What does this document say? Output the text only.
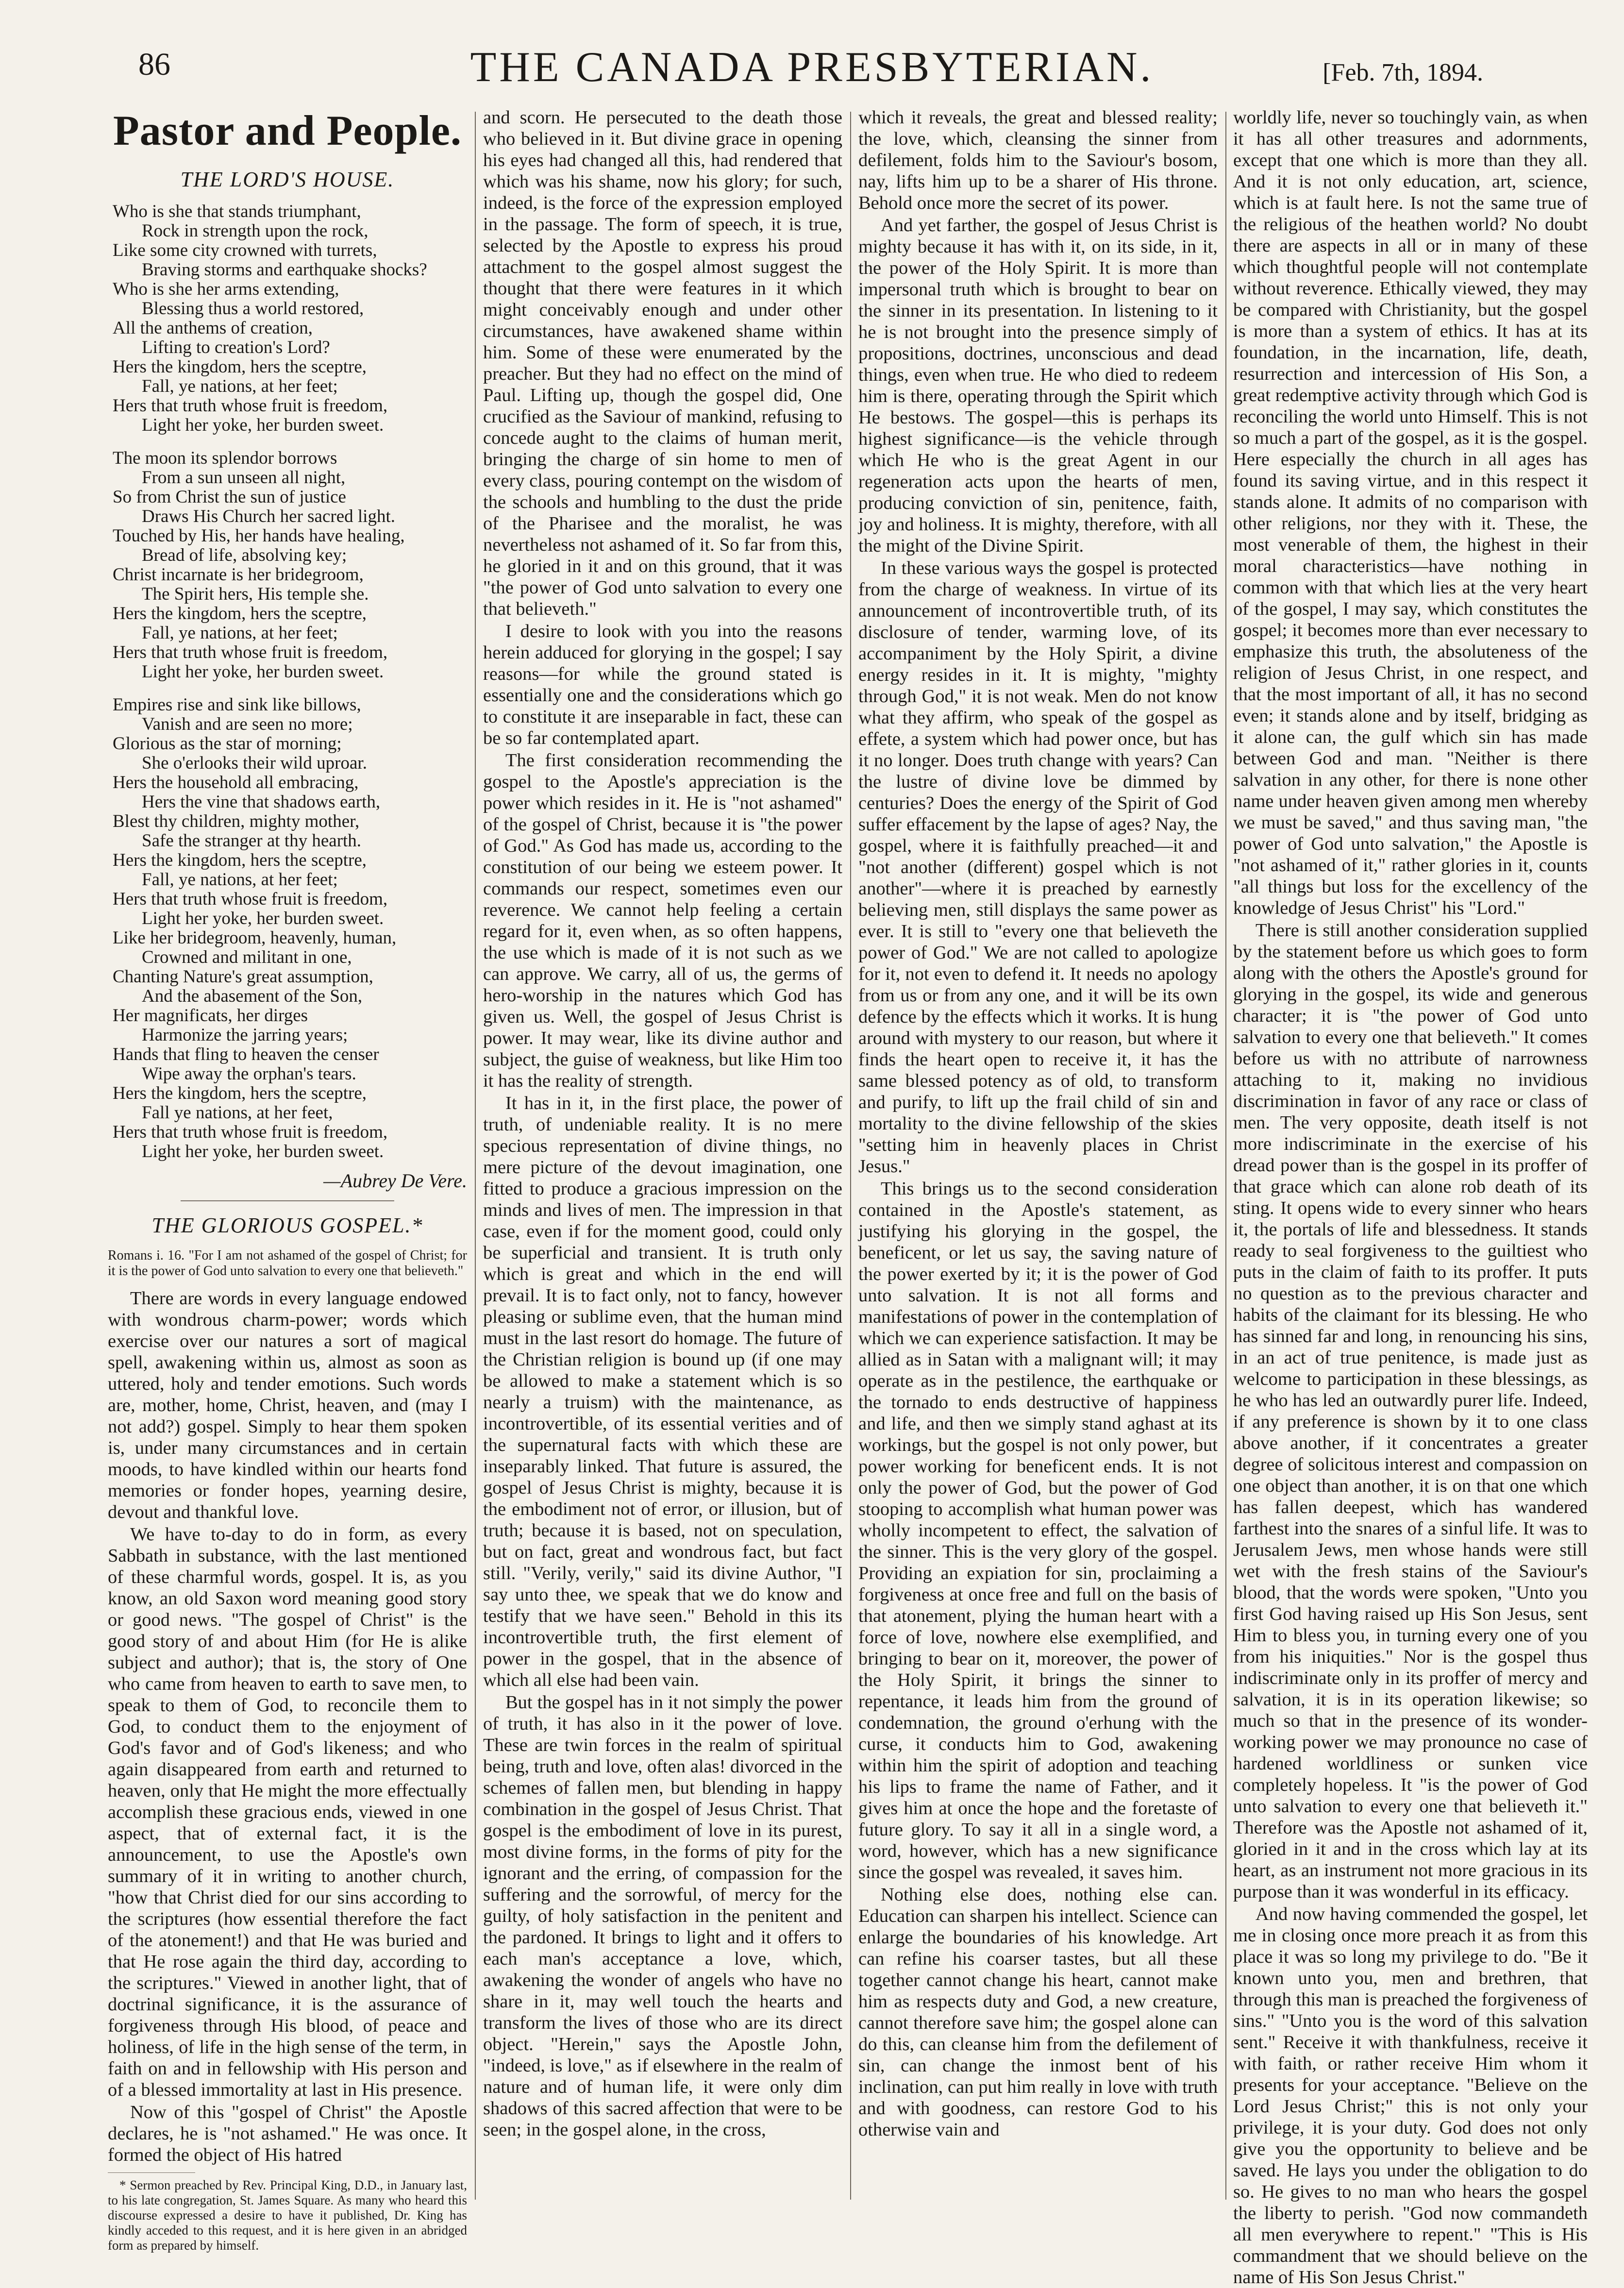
86	THE CANADA PRESBYTERIAN.	[Feb. 7th, 1894.
Pastor and People.
THE LORD'S HOUSE.
Who is she that stands triumphant,
Rock in strength upon the rock,
Like some city crowned with turrets,
Braving storms and earthquake shocks?
Who is she her arms extending,
Blessing thus a world restored,
All the anthems of creation,
Lifting to creation's Lord?
Hers the kingdom, hers the sceptre,
Fall, ye nations, at her feet;
Hers that truth whose fruit is freedom,
Light her yoke, her burden sweet.
The moon its splendor borrows
From a sun unseen all night,
So from Christ the sun of justice
Draws His Church her sacred light.
Touched by His, her hands have healing,
Bread of life, absolving key;
Christ incarnate is her bridegroom,
The Spirit hers, His temple she.
Hers the kingdom, hers the sceptre,
Fall, ye nations, at her feet;
Hers that truth whose fruit is freedom,
Light her yoke, her burden sweet.
Empires rise and sink like billows,
Vanish and are seen no more;
Glorious as the star of morning;
She o'erlooks their wild uproar.
Hers the household all embracing,
Hers the vine that shadows earth,
Blest thy children, mighty mother,
Safe the stranger at thy hearth.
Hers the kingdom, hers the sceptre,
Fall, ye nations, at her feet;
Hers that truth whose fruit is freedom,
Light her yoke, her burden sweet.
Like her bridegroom, heavenly, human,
Crowned and militant in one,
Chanting Nature's great assumption,
And the abasement of the Son,
Her magnificats, her dirges
Harmonize the jarring years;
Hands that fling to heaven the censer
Wipe away the orphan's tears.
Hers the kingdom, hers the sceptre,
Fall ye nations, at her feet,
Hers that truth whose fruit is freedom,
Light her yoke, her burden sweet.
—Aubrey De Vere.
THE GLORIOUS GOSPEL.*

Romans i. 16. "For I am not ashamed of the gospel of Christ; for it is the power of God unto salvation to every one that believeth."

There are words in every language endowed with wondrous charm-power; words which exercise over our natures a sort of magical spell, awakening within us, almost as soon as uttered, holy and tender emotions. Such words are, mother, home, Christ, heaven, and (may I not add?) gospel. Simply to hear them spoken is, under many circumstances and in certain moods, to have kindled within our hearts fond memories or fonder hopes, yearning desire, devout and thankful love.

We have to-day to do in form, as every Sabbath in substance, with the last mentioned of these charmful words, gospel. It is, as you know, an old Saxon word meaning good story or good news. "The gospel of Christ" is the good story of and about Him (for He is alike subject and author); that is, the story of One who came from heaven to earth to save men, to speak to them of God, to reconcile them to God, to conduct them to the enjoyment of God's favor and of God's likeness; and who again disappeared from earth and returned to heaven, only that He might the more effectually accomplish these gracious ends, viewed in one aspect, that of external fact, it is the announcement, to use the Apostle's own summary of it in writing to another church, "how that Christ died for our sins according to the scriptures (how essential therefore the fact of the atonement!) and that He was buried and that He rose again the third day, according to the scriptures." Viewed in another light, that of doctrinal significance, it is the assurance of forgiveness through His blood, of peace and holiness, of life in the high sense of the term, in faith on and in fellowship with His person and of a blessed immortality at last in His presence.

Now of this "gospel of Christ" the Apostle declares, he is "not ashamed." He was once. It formed the object of His hatred

* Sermon preached by Rev. Principal King, D.D., in January last, to his late congregation, St. James Square. As many who heard this discourse expressed a desire to have it published, Dr. King has kindly acceded to this request, and it is here given in an abridged form as prepared by himself.

and scorn. He persecuted to the death those who believed in it. But divine grace in opening his eyes had changed all this, had rendered that which was his shame, now his glory; for such, indeed, is the force of the expression employed in the passage. The form of speech, it is true, selected by the Apostle to express his proud attachment to the gospel almost suggest the thought that there were features in it which might conceivably enough and under other circumstances, have awakened shame within him. Some of these were enumerated by the preacher. But they had no effect on the mind of Paul. Lifting up, though the gospel did, One crucified as the Saviour of mankind, refusing to concede aught to the claims of human merit, bringing the charge of sin home to men of every class, pouring contempt on the wisdom of the schools and humbling to the dust the pride of the Pharisee and the moralist, he was nevertheless not ashamed of it. So far from this, he gloried in it and on this ground, that it was "the power of God unto salvation to every one that believeth."

I desire to look with you into the reasons herein adduced for glorying in the gospel; I say reasons—for while the ground stated is essentially one and the considerations which go to constitute it are inseparable in fact, these can be so far contemplated apart.

The first consideration recommending the gospel to the Apostle's appreciation is the power which resides in it. He is "not ashamed" of the gospel of Christ, because it is "the power of God." As God has made us, according to the constitution of our being we esteem power. It commands our respect, sometimes even our reverence. We cannot help feeling a certain regard for it, even when, as so often happens, the use which is made of it is not such as we can approve. We carry, all of us, the germs of hero-worship in the natures which God has given us. Well, the gospel of Jesus Christ is power. It may wear, like its divine author and subject, the guise of weakness, but like Him too it has the reality of strength.

It has in it, in the first place, the power of truth, of undeniable reality. It is no mere specious representation of divine things, no mere picture of the devout imagination, one fitted to produce a gracious impression on the minds and lives of men. The impression in that case, even if for the moment good, could only be superficial and transient. It is truth only which is great and which in the end will prevail. It is to fact only, not to fancy, however pleasing or sublime even, that the human mind must in the last resort do homage. The future of the Christian religion is bound up (if one may be allowed to make a statement which is so nearly a truism) with the maintenance, as incontrovertible, of its essential verities and of the supernatural facts with which these are inseparably linked. That future is assured, the gospel of Jesus Christ is mighty, because it is the embodiment not of error, or illusion, but of truth; because it is based, not on speculation, but on fact, great and wondrous fact, but fact still. "Verily, verily," said its divine Author, "I say unto thee, we speak that we do know and testify that we have seen." Behold in this its incontrovertible truth, the first element of power in the gospel, that in the absence of which all else had been vain.

But the gospel has in it not simply the power of truth, it has also in it the power of love. These are twin forces in the realm of spiritual being, truth and love, often alas! divorced in the schemes of fallen men, but blending in happy combination in the gospel of Jesus Christ. That gospel is the embodiment of love in its purest, most divine forms, in the forms of pity for the ignorant and the erring, of compassion for the suffering and the sorrowful, of mercy for the guilty, of holy satisfaction in the penitent and the pardoned. It brings to light and it offers to each man's acceptance a love, which, awakening the wonder of angels who have no share in it, may well touch the hearts and transform the lives of those who are its direct object. "Herein," says the Apostle John, "indeed, is love," as if elsewhere in the realm of nature and of human life, it were only dim shadows of this sacred affection that were to be seen; in the gospel alone, in the cross,

which it reveals, the great and blessed reality; the love, which, cleansing the sinner from defilement, folds him to the Saviour's bosom, nay, lifts him up to be a sharer of His throne. Behold once more the secret of its power.

And yet farther, the gospel of Jesus Christ is mighty because it has with it, on its side, in it, the power of the Holy Spirit. It is more than impersonal truth which is brought to bear on the sinner in its presentation. In listening to it he is not brought into the presence simply of propositions, doctrines, unconscious and dead things, even when true. He who died to redeem him is there, operating through the Spirit which He bestows. The gospel—this is perhaps its highest significance—is the vehicle through which He who is the great Agent in our regeneration acts upon the hearts of men, producing conviction of sin, penitence, faith, joy and holiness. It is mighty, therefore, with all the might of the Divine Spirit.

In these various ways the gospel is protected from the charge of weakness. In virtue of its announcement of incontrovertible truth, of its disclosure of tender, warming love, of its accompaniment by the Holy Spirit, a divine energy resides in it. It is mighty, "mighty through God," it is not weak. Men do not know what they affirm, who speak of the gospel as effete, a system which had power once, but has it no longer. Does truth change with years? Can the lustre of divine love be dimmed by centuries? Does the energy of the Spirit of God suffer effacement by the lapse of ages? Nay, the gospel, where it is faithfully preached—it and "not another (different) gospel which is not another"—where it is preached by earnestly believing men, still displays the same power as ever. It is still to "every one that believeth the power of God." We are not called to apologize for it, not even to defend it. It needs no apology from us or from any one, and it will be its own defence by the effects which it works. It is hung around with mystery to our reason, but where it finds the heart open to receive it, it has the same blessed potency as of old, to transform and purify, to lift up the frail child of sin and mortality to the divine fellowship of the skies "setting him in heavenly places in Christ Jesus."

This brings us to the second consideration contained in the Apostle's statement, as justifying his glorying in the gospel, the beneficent, or let us say, the saving nature of the power exerted by it; it is the power of God unto salvation. It is not all forms and manifestations of power in the contemplation of which we can experience satisfaction. It may be allied as in Satan with a malignant will; it may operate as in the pestilence, the earthquake or the tornado to ends destructive of happiness and life, and then we simply stand aghast at its workings, but the gospel is not only power, but power working for beneficent ends. It is not only the power of God, but the power of God stooping to accomplish what human power was wholly incompetent to effect, the salvation of the sinner. This is the very glory of the gospel. Providing an expiation for sin, proclaiming a forgiveness at once free and full on the basis of that atonement, plying the human heart with a force of love, nowhere else exemplified, and bringing to bear on it, moreover, the power of the Holy Spirit, it brings the sinner to repentance, it leads him from the ground of condemnation, the ground o'erhung with the curse, it conducts him to God, awakening within him the spirit of adoption and teaching his lips to frame the name of Father, and it gives him at once the hope and the foretaste of future glory. To say it all in a single word, a word, however, which has a new significance since the gospel was revealed, it saves him.

Nothing else does, nothing else can. Education can sharpen his intellect. Science can enlarge the boundaries of his knowledge. Art can refine his coarser tastes, but all these together cannot change his heart, cannot make him as respects duty and God, a new creature, cannot therefore save him; the gospel alone can do this, can cleanse him from the defilement of sin, can change the inmost bent of his inclination, can put him really in love with truth and with goodness, can restore God to his otherwise vain and

worldly life, never so touchingly vain, as when it has all other treasures and adornments, except that one which is more than they all. And it is not only education, art, science, which is at fault here. Is not the same true of the religious of the heathen world? No doubt there are aspects in all or in many of these which thoughtful people will not contemplate without reverence. Ethically viewed, they may be compared with Christianity, but the gospel is more than a system of ethics. It has at its foundation, in the incarnation, life, death, resurrection and intercession of His Son, a great redemptive activity through which God is reconciling the world unto Himself. This is not so much a part of the gospel, as it is the gospel. Here especially the church in all ages has found its saving virtue, and in this respect it stands alone. It admits of no comparison with other religions, nor they with it. These, the most venerable of them, the highest in their moral characteristics—have nothing in common with that which lies at the very heart of the gospel, I may say, which constitutes the gospel; it becomes more than ever necessary to emphasize this truth, the absoluteness of the religion of Jesus Christ, in one respect, and that the most important of all, it has no second even; it stands alone and by itself, bridging as it alone can, the gulf which sin has made between God and man. "Neither is there salvation in any other, for there is none other name under heaven given among men whereby we must be saved," and thus saving man, "the power of God unto salvation," the Apostle is "not ashamed of it," rather glories in it, counts "all things but loss for the excellency of the knowledge of Jesus Christ" his "Lord."

There is still another consideration supplied by the statement before us which goes to form along with the others the Apostle's ground for glorying in the gospel, its wide and generous character; it is "the power of God unto salvation to every one that believeth." It comes before us with no attribute of narrowness attaching to it, making no invidious discrimination in favor of any race or class of men. The very opposite, death itself is not more indiscriminate in the exercise of his dread power than is the gospel in its proffer of that grace which can alone rob death of its sting. It opens wide to every sinner who hears it, the portals of life and blessedness. It stands ready to seal forgiveness to the guiltiest who puts in the claim of faith to its proffer. It puts no question as to the previous character and habits of the claimant for its blessing. He who has sinned far and long, in renouncing his sins, in an act of true penitence, is made just as welcome to participation in these blessings, as he who has led an outwardly purer life. Indeed, if any preference is shown by it to one class above another, if it concentrates a greater degree of solicitous interest and compassion on one object than another, it is on that one which has fallen deepest, which has wandered farthest into the snares of a sinful life. It was to Jerusalem Jews, men whose hands were still wet with the fresh stains of the Saviour's blood, that the words were spoken, "Unto you first God having raised up His Son Jesus, sent Him to bless you, in turning every one of you from his iniquities." Nor is the gospel thus indiscriminate only in its proffer of mercy and salvation, it is in its operation likewise; so much so that in the presence of its wonder-working power we may pronounce no case of hardened worldliness or sunken vice completely hopeless. It "is the power of God unto salvation to every one that believeth it." Therefore was the Apostle not ashamed of it, gloried in it and in the cross which lay at its heart, as an instrument not more gracious in its purpose than it was wonderful in its efficacy.

And now having commended the gospel, let me in closing once more preach it as from this place it was so long my privilege to do. "Be it known unto you, men and brethren, that through this man is preached the forgiveness of sins." "Unto you is the word of this salvation sent." Receive it with thankfulness, receive it with faith, or rather receive Him whom it presents for your acceptance. "Believe on the Lord Jesus Christ;" this is not only your privilege, it is your duty. God does not only give you the opportunity to believe and be saved. He lays you under the obligation to do so. He gives to no man who hears the gospel the liberty to perish. "God now commandeth all men everywhere to repent." "This is His commandment that we should believe on the name of His Son Jesus Christ."
